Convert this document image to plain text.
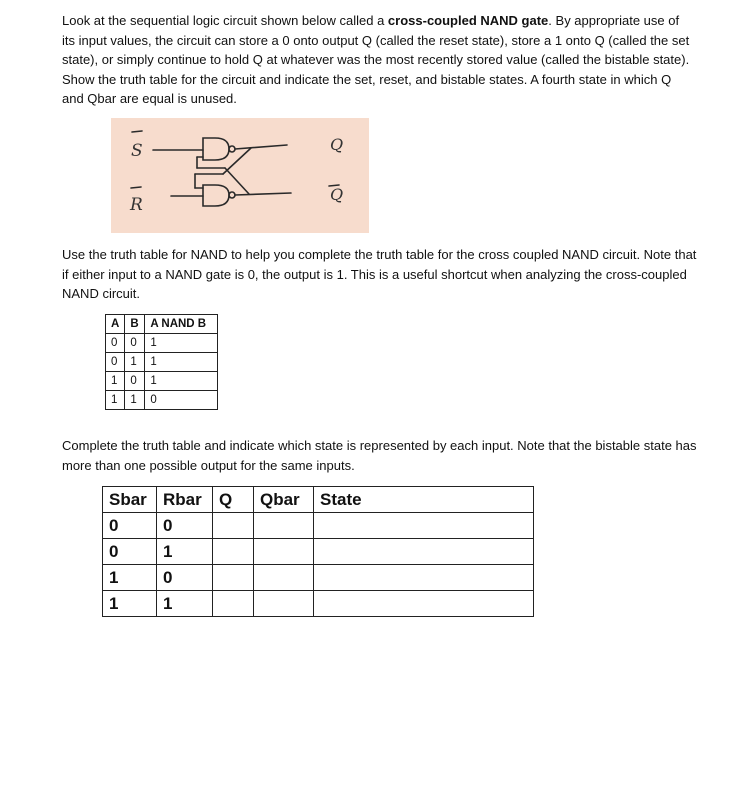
Look at the sequential logic circuit shown below called a cross-coupled NAND gate. By appropriate use of its input values, the circuit can store a 0 onto output Q (called the reset state), store a 1 onto Q (called the set state), or simply continue to hold Q at whatever was the most recently stored value (called the bistable state). Show the truth table for the circuit and indicate the set, reset, and bistable states. A fourth state in which Q and Qbar are equal is unused.

S
R
Q
Q

Use the truth table for NAND to help you complete the truth table for the cross coupled NAND circuit. Note that if either input to a NAND gate is 0, the output is 1. This is a useful shortcut when analyzing the cross-coupled NAND circuit.

A	B	A NAND B
0	0	1
0	1	1
1	0	1
1	1	0

Complete the truth table and indicate which state is represented by each input. Note that the bistable state has more than one possible output for the same inputs.

Sbar	Rbar	Q	Qbar	State
0	0			
0	1			
1	0			
1	1			
